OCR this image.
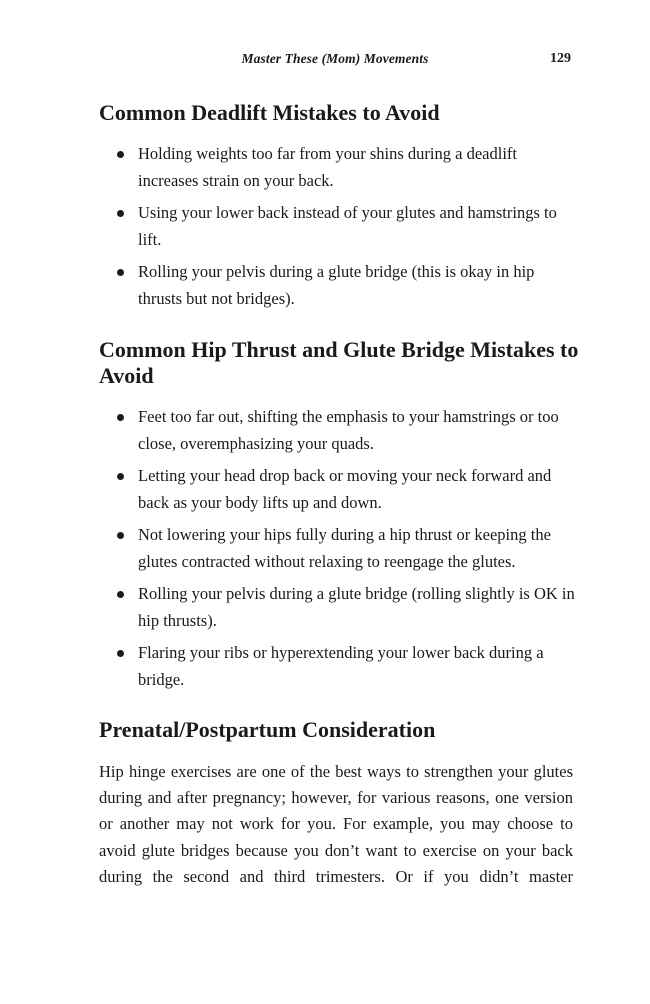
Master These (Mom) Movements	129
Common Deadlift Mistakes to Avoid
Holding weights too far from your shins during a deadlift increases strain on your back.
Using your lower back instead of your glutes and hamstrings to lift.
Rolling your pelvis during a glute bridge (this is okay in hip thrusts but not bridges).
Common Hip Thrust and Glute Bridge Mistakes to Avoid
Feet too far out, shifting the emphasis to your hamstrings or too close, overemphasizing your quads.
Letting your head drop back or moving your neck forward and back as your body lifts up and down.
Not lowering your hips fully during a hip thrust or keeping the glutes contracted without relaxing to reengage the glutes.
Rolling your pelvis during a glute bridge (rolling slightly is OK in hip thrusts).
Flaring your ribs or hyperextending your lower back during a bridge.
Prenatal/Postpartum Consideration

Hip hinge exercises are one of the best ways to strengthen your glutes during and after pregnancy; however, for various reasons, one version or another may not work for you. For example, you may choose to avoid glute bridges because you don’t want to exercise on your back during the second and third trimesters. Or if you didn’t master
